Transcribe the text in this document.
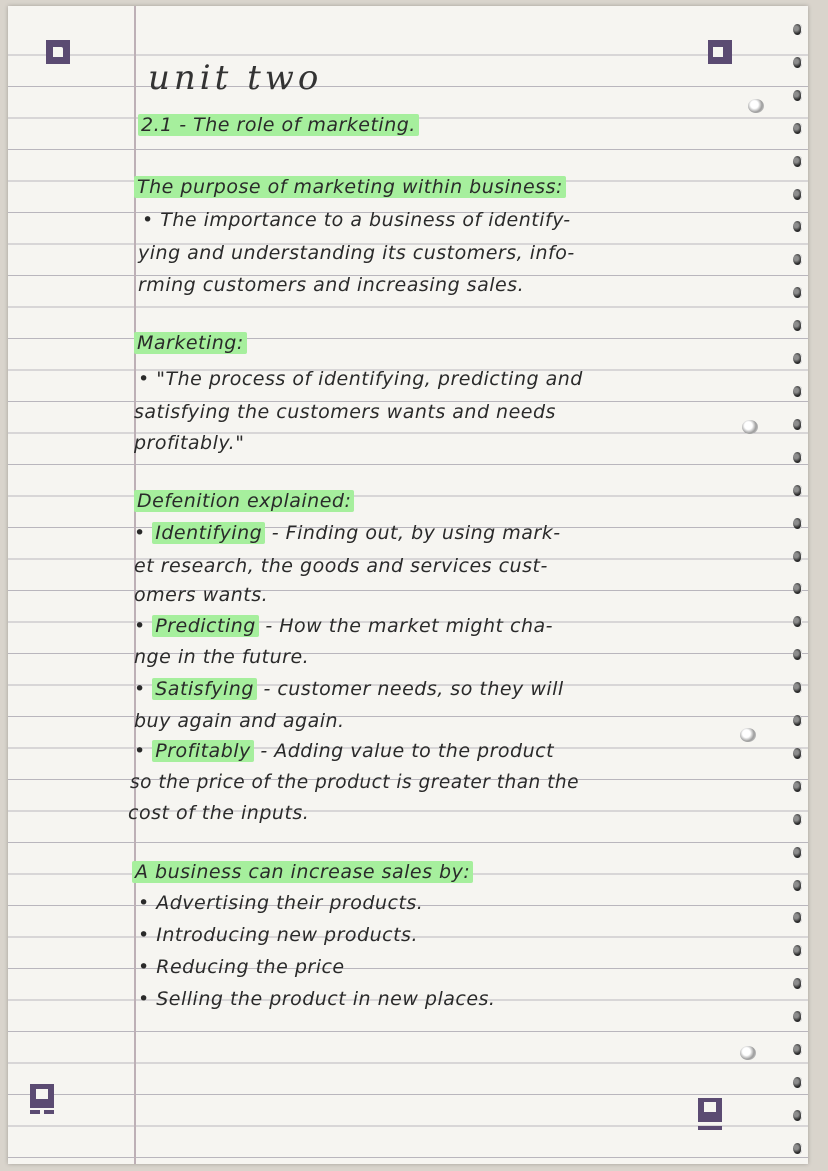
unit two
2.1 - The role of marketing.
The purpose of marketing within business:
• The importance to a business of identify-
ying and understanding its customers, info-
rming customers and increasing sales.
Marketing:
• "The process of identifying, predicting and
satisfying the customers wants and needs
profitably."
Defenition explained:
• Identifying - Finding out, by using mark-
et research, the goods and services cust-
omers wants.
• Predicting - How the market might cha-
nge in the future.
• Satisfying - customer needs, so they will
buy again and again.
• Profitably - Adding value to the product
so the price of the product is greater than the
cost of the inputs.
A business can increase sales by:
• Advertising their products.
• Introducing new products.
• Reducing the price
• Selling the product in new places.
